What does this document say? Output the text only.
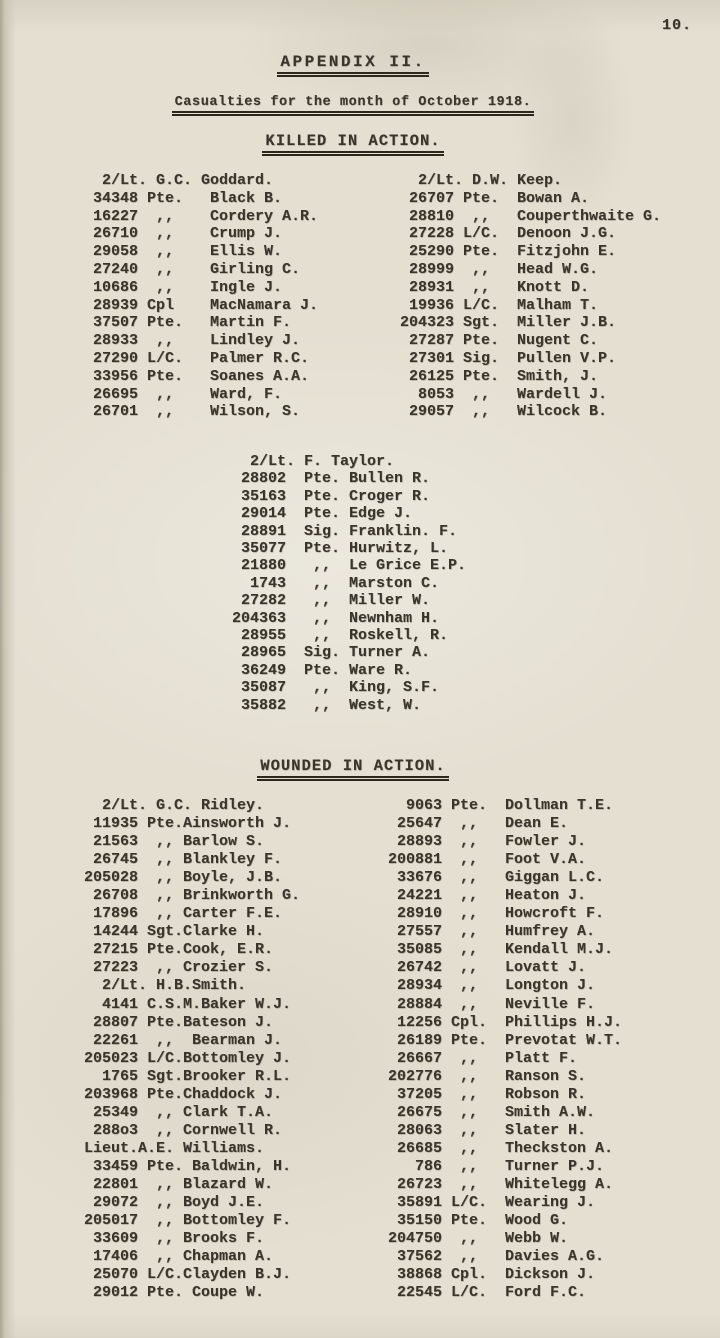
10.
APPENDIX II.
Casualties for the month of October 1918.
KILLED IN ACTION.
2/Lt. G.C. Goddard.
34348 Pte.   Black B.
16227  ,,    Cordery A.R.
26710  ,,    Crump J.
29058  ,,    Ellis W.
27240  ,,    Girling C.
10686  ,,    Ingle J.
28939 Cpl    MacNamara J.
37507 Pte.   Martin F.
28933  ,,    Lindley J.
27290 L/C.   Palmer R.C.
33956 Pte.   Soanes A.A.
26695  ,,    Ward, F.
26701  ,,    Wilson, S.
2/Lt. D.W. Keep.
26707 Pte.  Bowan A.
28810  ,,   Couperthwaite G.
27228 L/C.  Denoon J.G.
25290 Pte.  Fitzjohn E.
28999  ,,   Head W.G.
28931  ,,   Knott D.
19936 L/C.  Malham T.
204323 Sgt.  Miller J.B.
27287 Pte.  Nugent C.
27301 Sig.  Pullen V.P.
26125 Pte.  Smith, J.
8053  ,,   Wardell J.
29057  ,,   Wilcock B.
2/Lt. F. Taylor.
28802  Pte. Bullen R.
35163  Pte. Croger R.
29014  Pte. Edge J.
28891  Sig. Franklin. F.
35077  Pte. Hurwitz, L.
21880   ,,  Le Grice E.P.
1743   ,,  Marston C.
27282   ,,  Miller W.
204363   ,,  Newnham H.
28955   ,,  Roskell, R.
28965  Sig. Turner A.
36249  Pte. Ware R.
35087   ,,  King, S.F.
35882   ,,  West, W.
WOUNDED IN ACTION.
2/Lt. G.C. Ridley.
11935 Pte.Ainsworth J.
21563  ,, Barlow S.
26745  ,, Blankley F.
205028  ,, Boyle, J.B.
26708  ,, Brinkworth G.
17896  ,, Carter F.E.
14244 Sgt.Clarke H.
27215 Pte.Cook, E.R.
27223  ,, Crozier S.
2/Lt. H.B.Smith.
4141 C.S.M.Baker W.J.
28807 Pte.Bateson J.
22261  ,,  Bearman J.
205023 L/C.Bottomley J.
1765 Sgt.Brooker R.L.
203968 Pte.Chaddock J.
25349  ,, Clark T.A.
288o3  ,, Cornwell R.
Lieut.A.E. Williams.
33459 Pte. Baldwin, H.
22801  ,, Blazard W.
29072  ,, Boyd J.E.
205017  ,, Bottomley F.
33609  ,, Brooks F.
17406  ,, Chapman A.
25070 L/C.Clayden B.J.
29012 Pte. Coupe W.
9063 Pte.  Dollman T.E.
25647  ,,   Dean E.
28893  ,,   Fowler J.
200881  ,,   Foot V.A.
33676  ,,   Giggan L.C.
24221  ,,   Heaton J.
28910  ,,   Howcroft F.
27557  ,,   Humfrey A.
35085  ,,   Kendall M.J.
26742  ,,   Lovatt J.
28934  ,,   Longton J.
28884  ,,   Neville F.
12256 Cpl.  Phillips H.J.
26189 Pte.  Prevotat W.T.
26667  ,,   Platt F.
202776  ,,   Ranson S.
37205  ,,   Robson R.
26675  ,,   Smith A.W.
28063  ,,   Slater H.
26685  ,,   Theckston A.
786  ,,   Turner P.J.
26723  ,,   Whitelegg A.
35891 L/C.  Wearing J.
35150 Pte.  Wood G.
204750  ,,   Webb W.
37562  ,,   Davies A.G.
38868 Cpl.  Dickson J.
22545 L/C.  Ford F.C.
